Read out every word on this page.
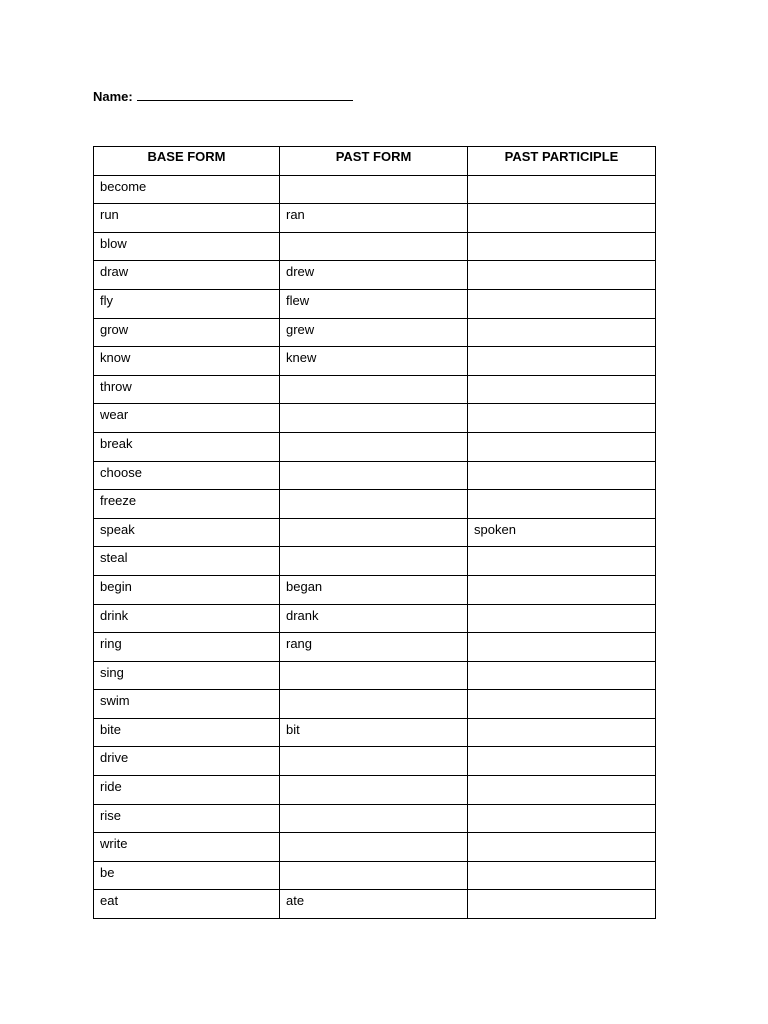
Name:
BASE FORM	PAST FORM	PAST PARTICIPLE
become		
run	ran	
blow		
draw	drew	
fly	flew	
grow	grew	
know	knew	
throw		
wear		
break		
choose		
freeze		
speak		spoken
steal		
begin	began	
drink	drank	
ring	rang	
sing		
swim		
bite	bit	
drive		
ride		
rise		
write		
be		
eat	ate	
